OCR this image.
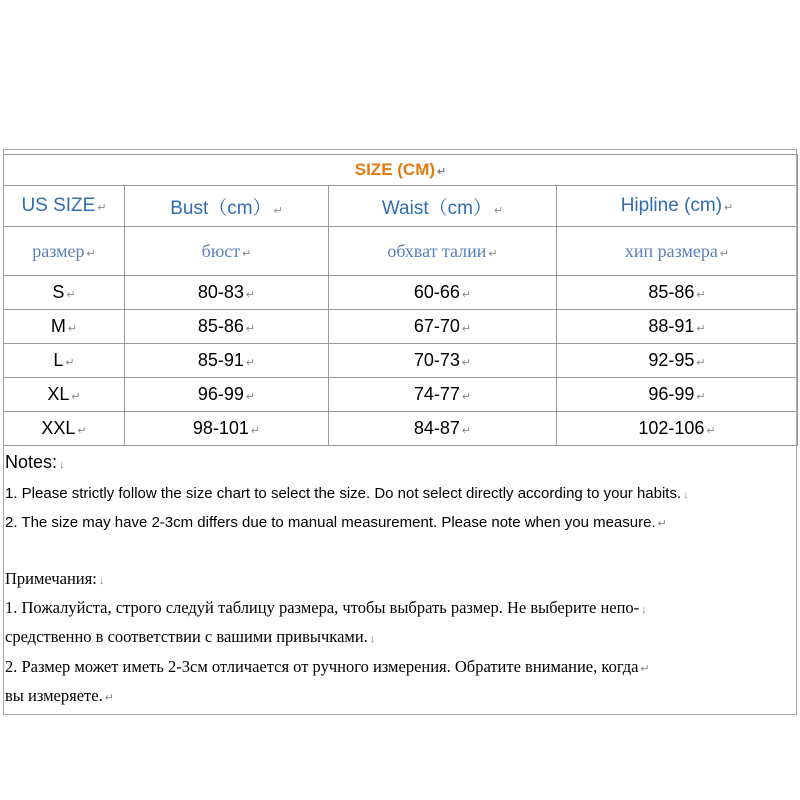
SIZE (CM) ↵			
US SIZE ↵	Bust（cm） ↵	Waist（cm） ↵	Hipline (cm) ↵
размер ↵	бюст ↵	обхват талии ↵	хип размера ↵
S ↵	80-83 ↵	60-66 ↵	85-86 ↵
M ↵	85-86 ↵	67-70 ↵	88-91 ↵
L ↵	85-91 ↵	70-73 ↵	92-95 ↵
XL ↵	96-99 ↵	74-77 ↵	96-99 ↵
XXL ↵	98-101 ↵	84-87 ↵	102-106 ↵
Notes: ↓
1. Please strictly follow the size chart to select the size. Do not select directly according to your habits. ↓
2. The size may have 2-3cm differs due to manual measurement. Please note when you measure. ↵
Примечания: ↓
1. Пожалуйста, строго следуй таблицу размера, чтобы выбрать размер. Не выберите непо- ↓
средственно в соответствии с вашими привычками. ↓
2. Размер может иметь 2-3см отличается от ручного измерения. Обратите внимание, когда ↵
вы измеряете. ↵
